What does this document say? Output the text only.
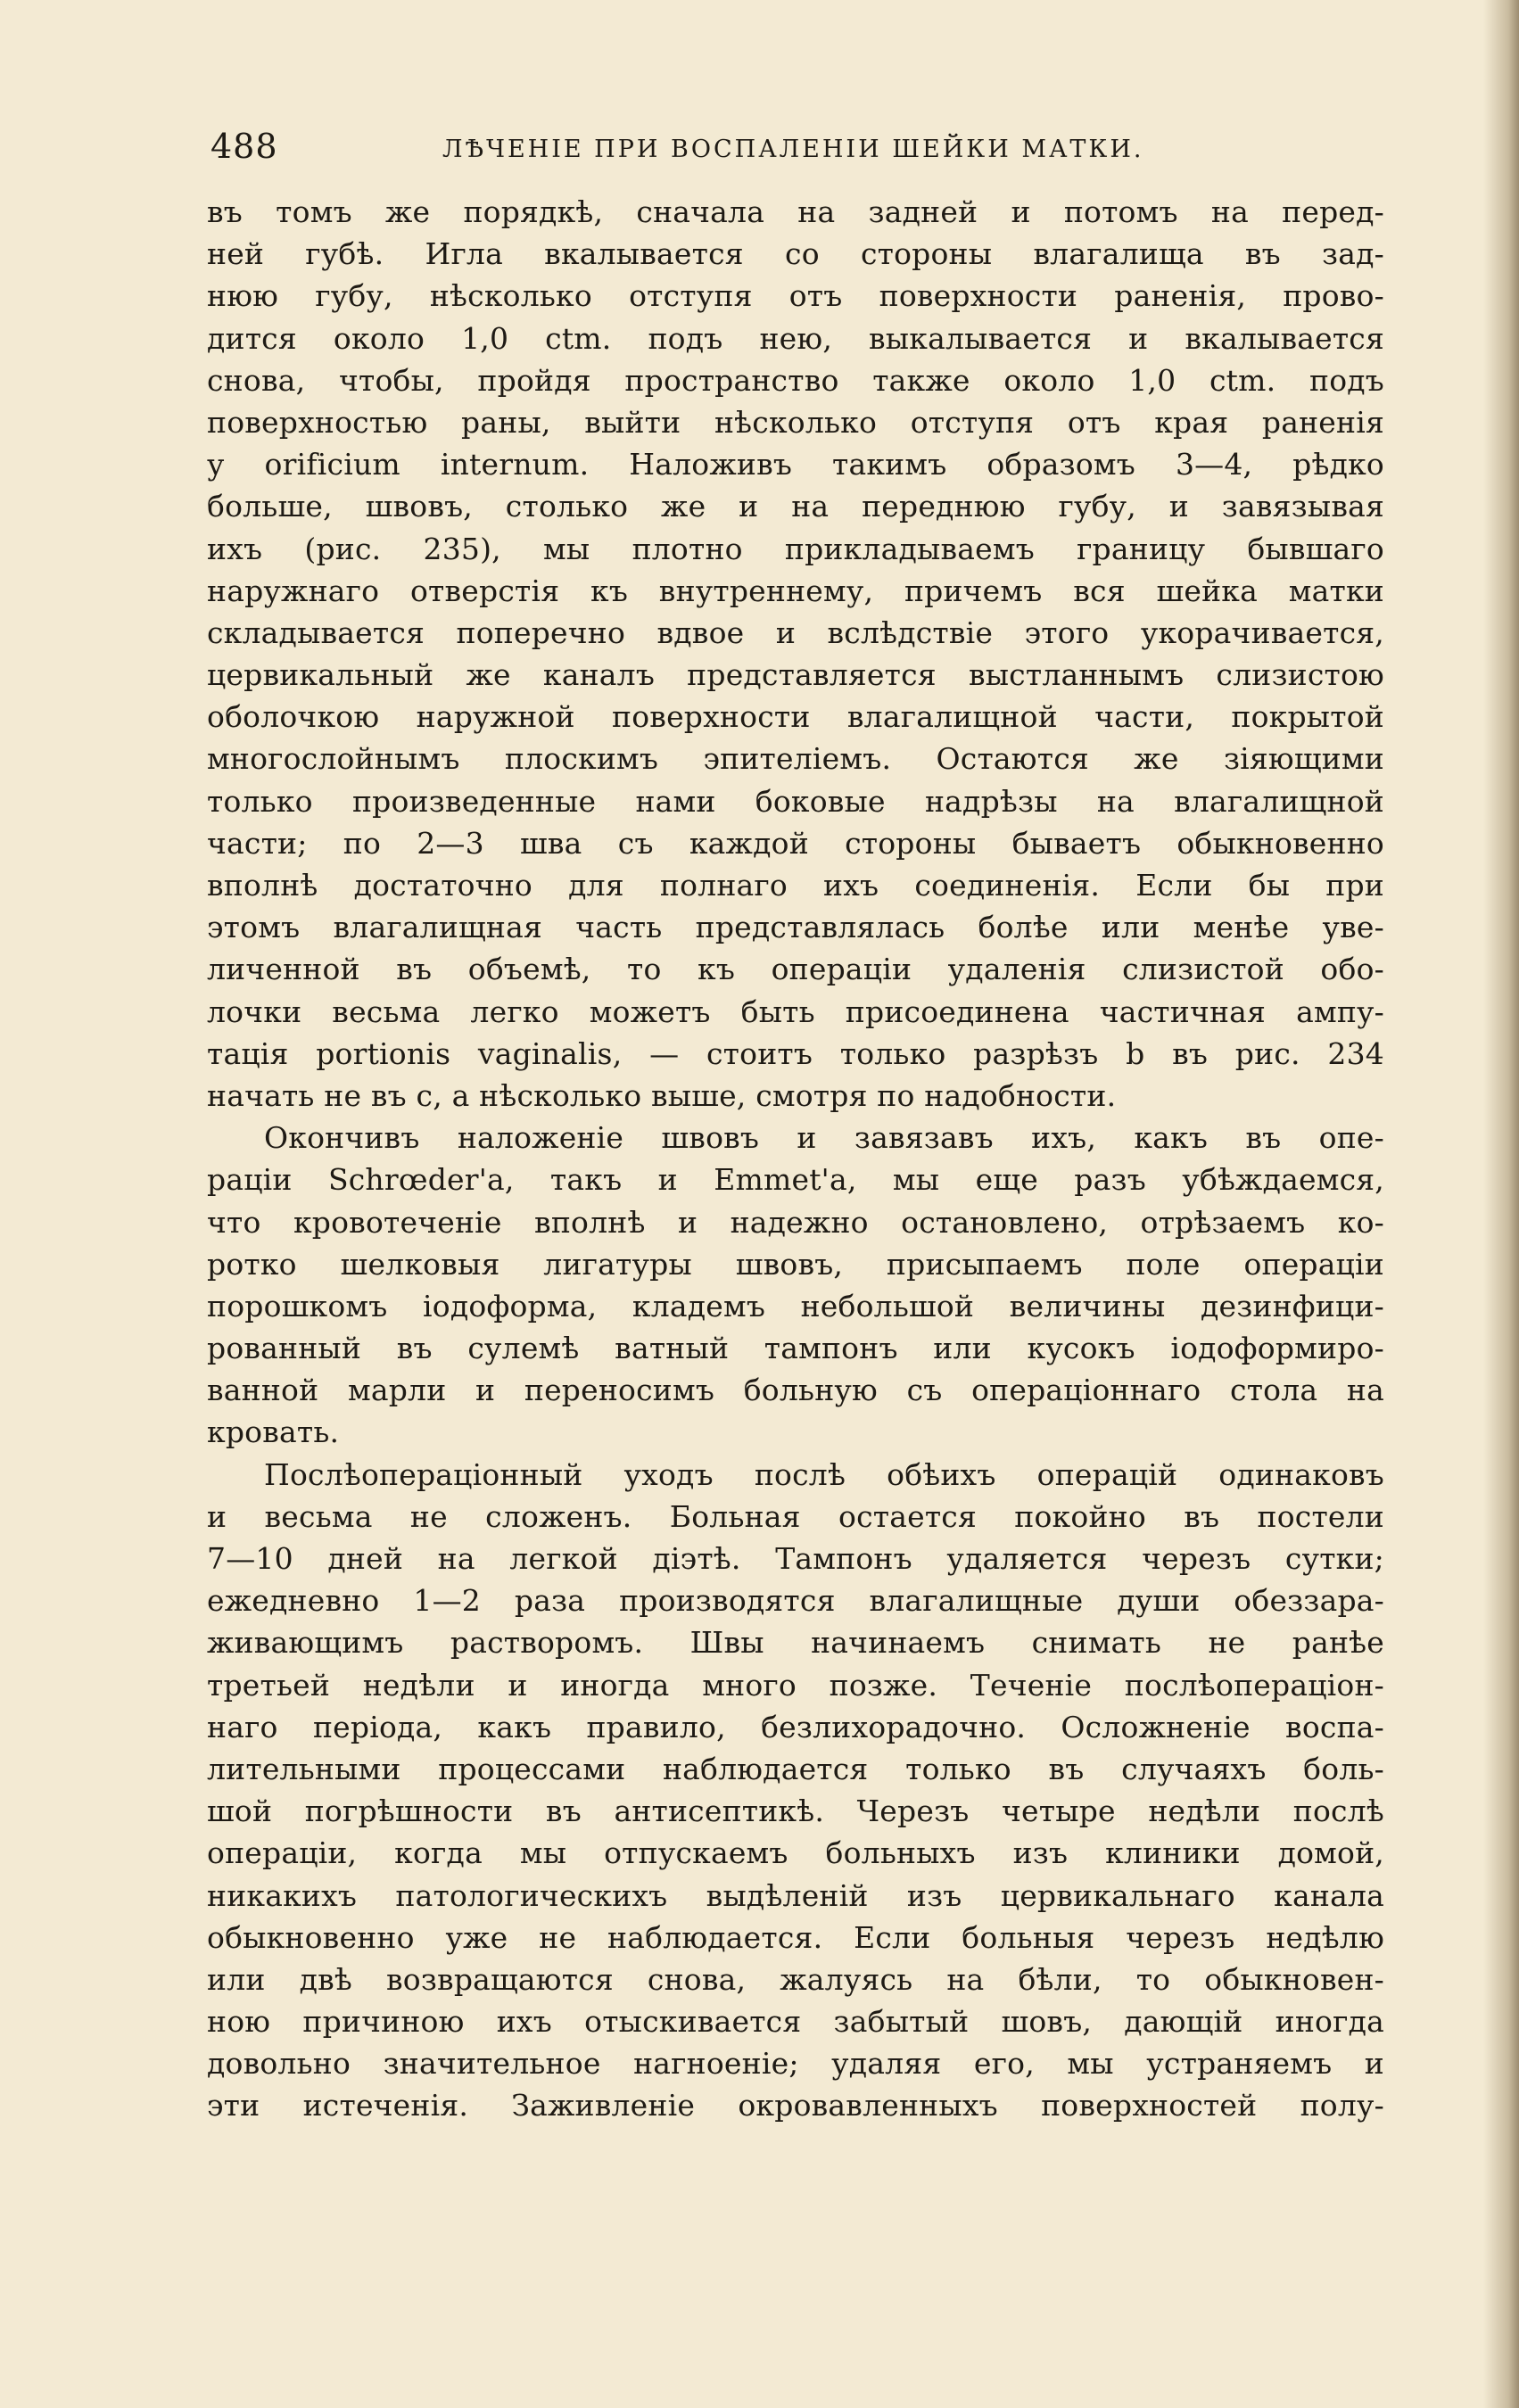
488	ЛѢЧЕНІЕ ПРИ ВОСПАЛЕНІИ ШЕЙКИ МАТКИ.
въ томъ же порядкѣ, сначала на задней и потомъ на перед-
ней губѣ. Игла вкалывается со стороны влагалища въ зад-
нюю губу, нѣсколько отступя отъ поверхности раненія, прово-
дится около 1,0 ctm. подъ нею, выкалывается и вкалывается
снова, чтобы, пройдя пространство также около 1,0 ctm. подъ
поверхностью раны, выйти нѣсколько отступя отъ края раненія
у orificium internum. Наложивъ такимъ образомъ 3—4, рѣдко
больше, швовъ, столько же и на переднюю губу, и завязывая
ихъ (рис. 235), мы плотно прикладываемъ границу бывшаго
наружнаго отверстія къ внутреннему, причемъ вся шейка матки
складывается поперечно вдвое и вслѣдствіе этого укорачивается,
цервикальный же каналъ представляется выстланнымъ слизистою
оболочкою наружной поверхности влагалищной части, покрытой
многослойнымъ плоскимъ эпителіемъ. Остаются же зіяющими
только произведенные нами боковые надрѣзы на влагалищной
части; по 2—3 шва съ каждой стороны бываетъ обыкновенно
вполнѣ достаточно для полнаго ихъ соединенія. Если бы при
этомъ влагалищная часть представлялась болѣе или менѣе уве-
личенной въ объемѣ, то къ операціи удаленія слизистой обо-
лочки весьма легко можетъ быть присоединена частичная ампу-
тація portionis vaginalis, — стоитъ только разрѣзъ b въ рис. 234
начать не въ c, а нѣсколько выше, смотря по надобности.
Окончивъ наложеніе швовъ и завязавъ ихъ, какъ въ опе-
раціи Schrœder'а, такъ и Emmet'а, мы еще разъ убѣждаемся,
что кровотеченіе вполнѣ и надежно остановлено, отрѣзаемъ ко-
ротко шелковыя лигатуры швовъ, присыпаемъ поле операціи
порошкомъ іодоформа, кладемъ небольшой величины дезинфици-
рованный въ сулемѣ ватный тампонъ или кусокъ іодоформиро-
ванной марли и переносимъ больную съ операціоннаго стола на
кровать.
Послѣопераціонный уходъ послѣ обѣихъ операцій одинаковъ
и весьма не сложенъ. Больная остается покойно въ постели
7—10 дней на легкой діэтѣ. Тампонъ удаляется черезъ сутки;
ежедневно 1—2 раза производятся влагалищные души обеззара-
живающимъ растворомъ. Швы начинаемъ снимать не ранѣе
третьей недѣли и иногда много позже. Теченіе послѣопераціон-
наго періода, какъ правило, безлихорадочно. Осложненіе воспа-
лительными процессами наблюдается только въ случаяхъ боль-
шой погрѣшности въ антисептикѣ. Черезъ четыре недѣли послѣ
операціи, когда мы отпускаемъ больныхъ изъ клиники домой,
никакихъ патологическихъ выдѣленій изъ цервикальнаго канала
обыкновенно уже не наблюдается. Если больныя черезъ недѣлю
или двѣ возвращаются снова, жалуясь на бѣли, то обыкновен-
ною причиною ихъ отыскивается забытый шовъ, дающій иногда
довольно значительное нагноеніе; удаляя его, мы устраняемъ и
эти истеченія. Заживленіе окровавленныхъ поверхностей полу-
